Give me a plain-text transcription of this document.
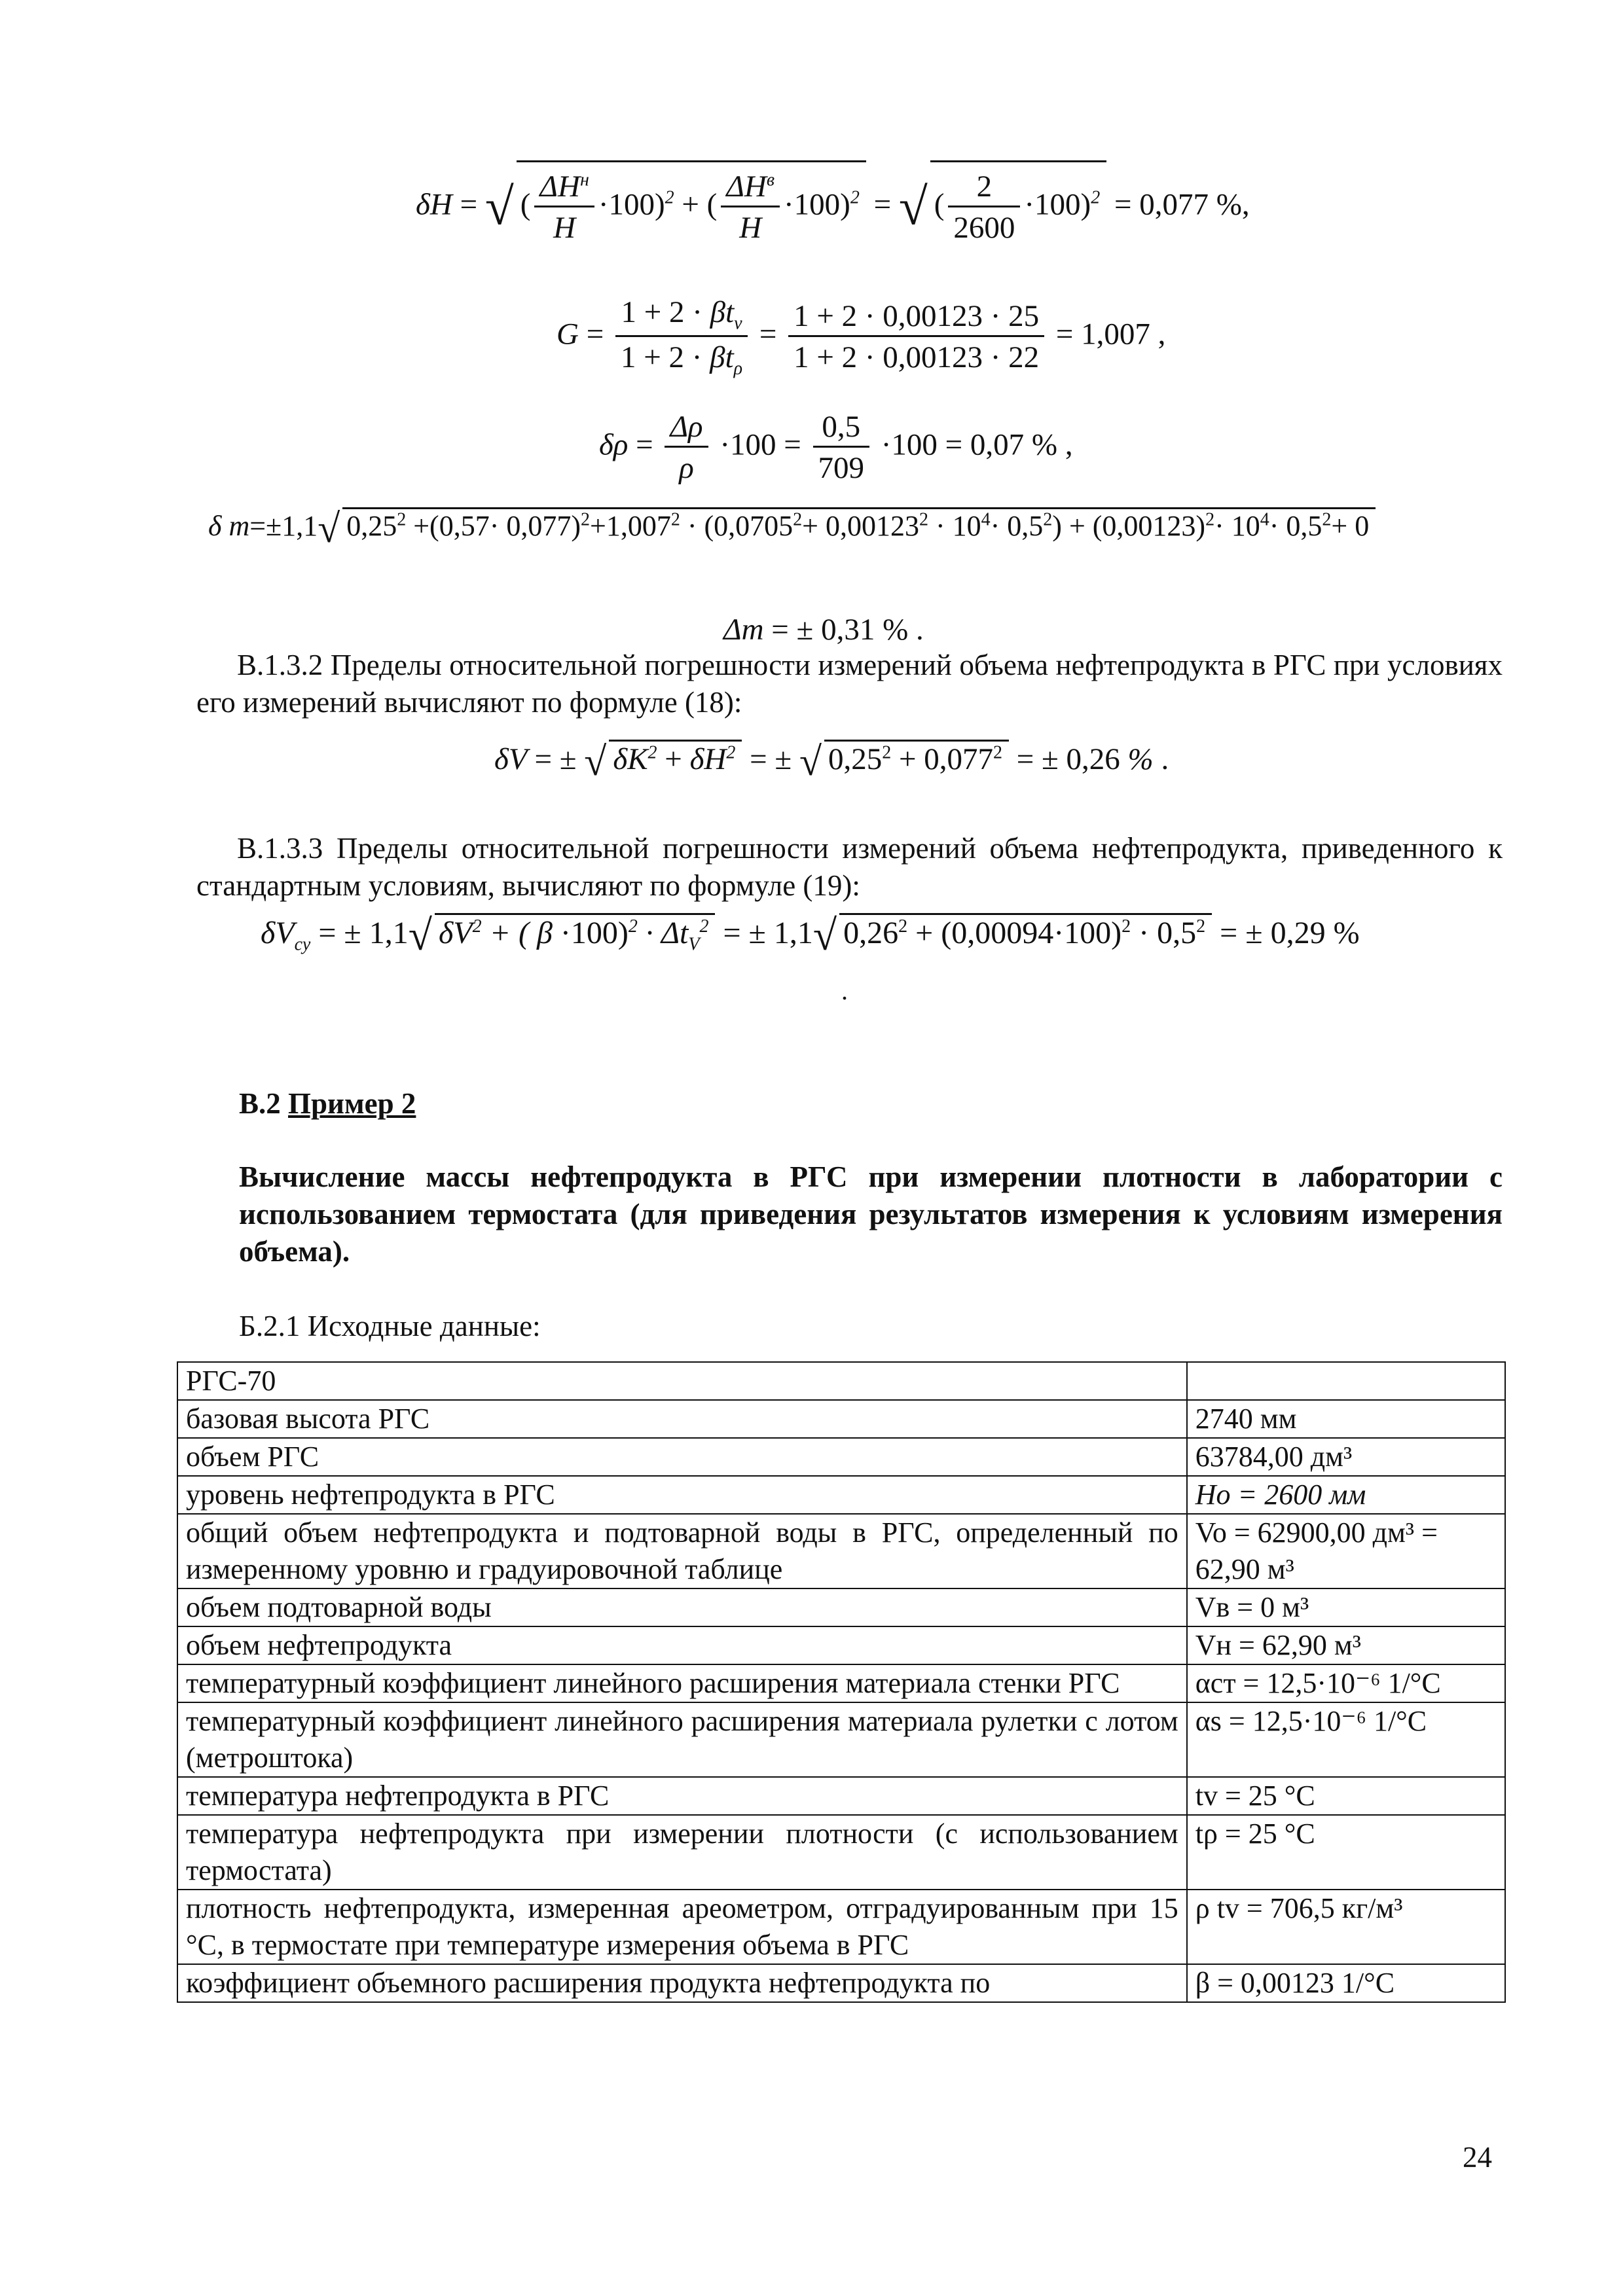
δH = √ ( $\frac{\Delta H^н}{H} \cdot 100)^2$ + ( $\frac{\Delta H^в}{H} \cdot 100)^2$ = √ ( $\frac{2}{2600} \cdot 100)^2 = 0,077$ %,
$G = \frac{1 + 2 \cdot \beta t_v}{1 + 2 \cdot \beta t_\rho} = \frac{1 + 2 \cdot 0,00123 \cdot 25}{1 + 2 \cdot 0,00123 \cdot 22} = 1,007$ ,
$\delta\rho = \frac{\Delta\rho}{\rho} \cdot 100 = \frac{0,5}{709} \cdot 100 = 0,07$ % ,
δ m=±1,1√ $0,25^2 +(0,57\cdot 0,077)^2+1,007^2 \cdot (0,0705^2+ 0,00123^2 \cdot 10^4\cdot 0,5^2) + (0,00123)^2\cdot 10^4\cdot 0,5^2+ 0$
Δm = ± 0,31 % .
В.1.3.2 Пределы относительной погрешности измерений объема нефтепродукта в РГС при условиях его измерений вычисляют по формуле (18):
δV = ± √ $\delta K^2 + \delta H^2$ = ± √ $0,25^2 + 0,077^2$ = ± 0,26 % .
В.1.3.3 Пределы относительной погрешности измерений объема нефтепродукта, приведенного к стандартным условиям, вычисляют по формуле (19):
$\delta V_{су}$ = ± 1,1√ $\delta V^2$ + ( $\beta \cdot 100)^2 \cdot \Delta t_V^2$ = ± 1,1√ $0,26^2 + (0,00094\cdot 100)^2 \cdot 0,5^2$ = ± 0,29 %
.
В.2 Пример 2
Вычисление массы нефтепродукта в РГС при измерении плотности в лаборатории с использованием термостата (для приведения результатов измерения к условиям измерения объема).
Б.2.1 Исходные данные:
РГС-70	
базовая высота РГС	2740 мм
объем РГС	63784,00 дм³
уровень нефтепродукта в РГС	Ho = 2600 мм
общий объем нефтепродукта и подтоварной воды в РГС, определенный по измеренному уровню и градуировочной таблице	Vo = 62900,00 дм³ = 62,90 м³
объем подтоварной воды	Vв = 0 м³
объем нефтепродукта	Vн = 62,90 м³
температурный коэффициент линейного расширения материала стенки РГС	αст = 12,5·10⁻⁶ 1/°С
температурный коэффициент линейного расширения материала рулетки с лотом (метроштока)	αs = 12,5·10⁻⁶ 1/°С
температура нефтепродукта в РГС	tv = 25 °С
температура нефтепродукта при измерении плотности (с использованием термостата)	tρ = 25 °С
плотность нефтепродукта, измеренная ареометром, отградуированным при 15 °С, в термостате при температуре измерения объема в РГС	ρ tv = 706,5 кг/м³
коэффициент объемного расширения продукта нефтепродукта по	β = 0,00123 1/°С
24
